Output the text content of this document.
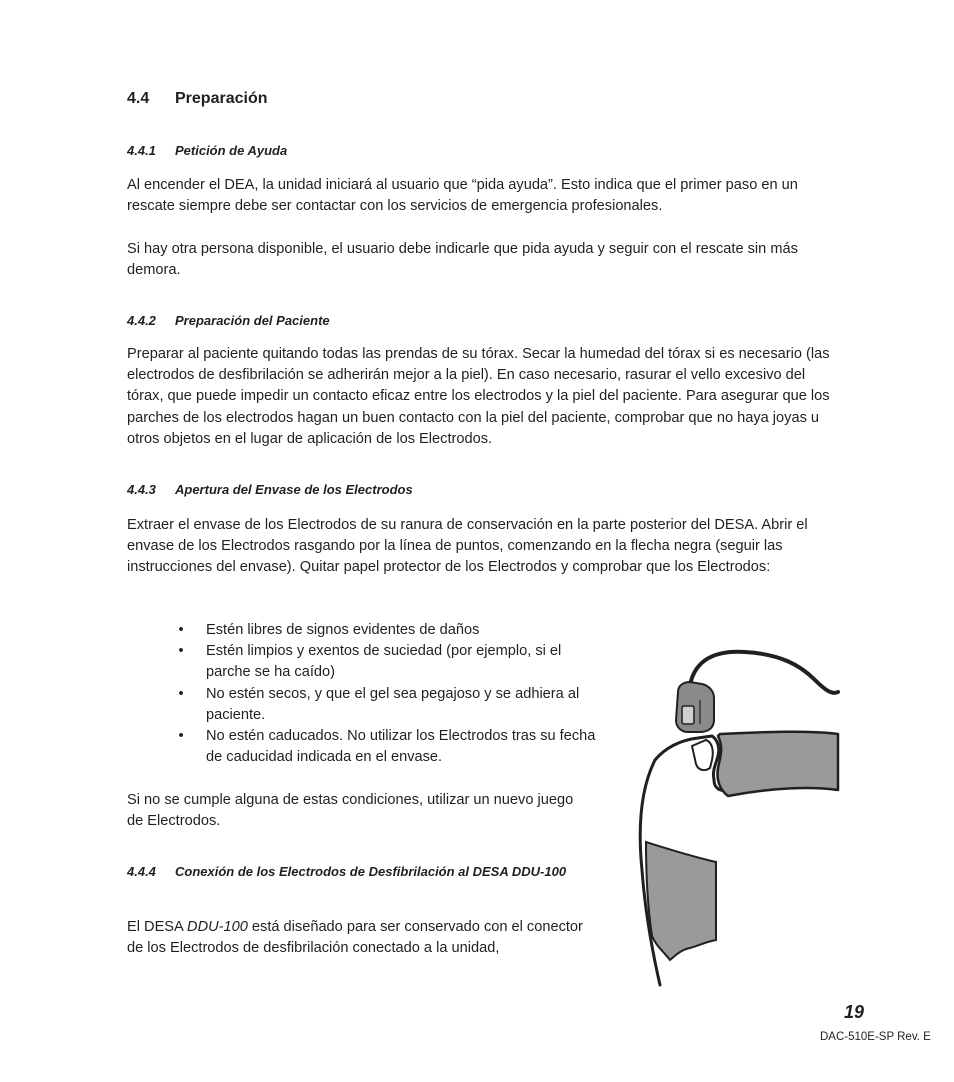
4.4 Preparación
4.4.1 Petición de Ayuda

Al encender el DEA, la unidad iniciará al usuario que “pida ayuda”. Esto indica que el primer paso en un rescate siempre debe ser contactar con los servicios de emergencia profesionales.

Si hay otra persona disponible, el usuario debe indicarle que pida ayuda y seguir con el rescate sin más demora.

4.4.2 Preparación del Paciente

Preparar al paciente quitando todas las prendas de su tórax. Secar la humedad del tórax si es necesario (las electrodos de desfibrilación se adherirán mejor a la piel). En caso necesario, rasurar el vello excesivo del tórax, que puede impedir un contacto eficaz entre los electrodos y la piel del paciente. Para asegurar que los parches de los electrodos hagan un buen contacto con la piel del paciente, comprobar que no haya joyas u otros objetos en el lugar de aplicación de los Electrodos.

4.4.3 Apertura del Envase de los Electrodos

Extraer el envase de los Electrodos de su ranura de conservación en la parte posterior del DESA. Abrir el envase de los Electrodos rasgando por la línea de puntos, comenzando en la flecha negra (seguir las instrucciones del envase). Quitar papel protector de los Electrodos y comprobar que los Electrodos:

•	Estén libres de signos evidentes de daños
•	Estén limpios y exentos de suciedad (por ejemplo, si el parche se ha caído)
•	No estén secos, y que el gel sea pegajoso y se adhiera al paciente.
•	No estén caducados. No utilizar los Electrodos tras su fecha de caducidad indicada en el envase.

Si no se cumple alguna de estas condiciones, utilizar un nuevo juego de Electrodos.

4.4.4 Conexión de los Electrodos de Desfibrilación al DESA DDU-100

El DESA DDU-100 está diseñado para ser conservado con el conector de los Electrodos de desfibrilación conectado a la unidad,

19
DAC-510E-SP Rev. E
